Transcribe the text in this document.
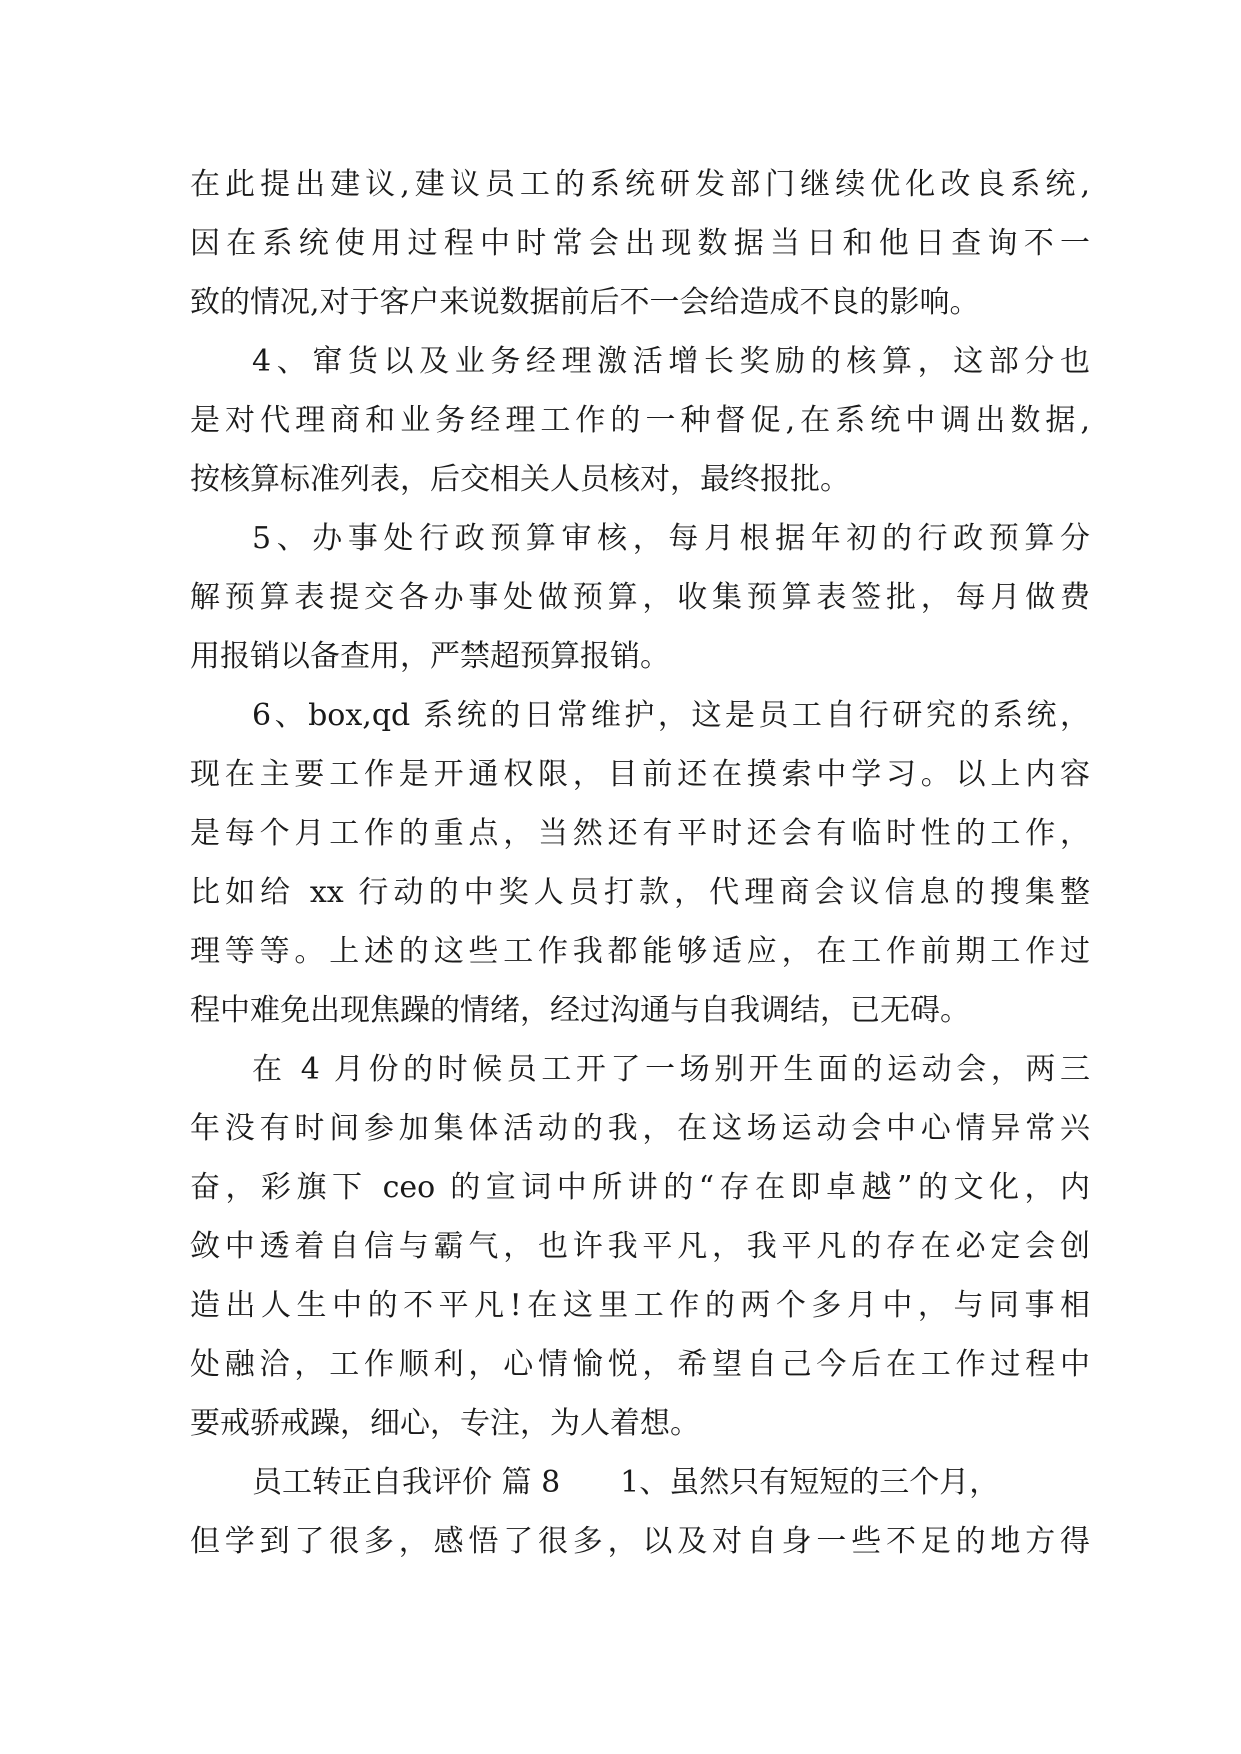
在此提出建议,建议员工的系统研发部门继续优化改良系统,
因在系统使用过程中时常会出现数据当日和他日查询不一
致的情况,对于客户来说数据前后不一会给造成不良的影响。
4、窜货以及业务经理激活增长奖励的核算，这部分也
是对代理商和业务经理工作的一种督促,在系统中调出数据,
按核算标准列表，后交相关人员核对，最终报批。
5、办事处行政预算审核，每月根据年初的行政预算分
解预算表提交各办事处做预算，收集预算表签批，每月做费
用报销以备查用，严禁超预算报销。
6、box,qd 系统的日常维护，这是员工自行研究的系统，
现在主要工作是开通权限，目前还在摸索中学习。以上内容
是每个月工作的重点，当然还有平时还会有临时性的工作，
比如给 xx 行动的中奖人员打款，代理商会议信息的搜集整
理等等。上述的这些工作我都能够适应，在工作前期工作过
程中难免出现焦躁的情绪，经过沟通与自我调结，已无碍。
在 4 月份的时候员工开了一场别开生面的运动会，两三
年没有时间参加集体活动的我，在这场运动会中心情异常兴
奋，彩旗下 ceo 的宣词中所讲的“存在即卓越”的文化，内
敛中透着自信与霸气，也许我平凡，我平凡的存在必定会创
造出人生中的不平凡!在这里工作的两个多月中，与同事相
处融洽，工作顺利，心情愉悦，希望自己今后在工作过程中
要戒骄戒躁，细心，专注，为人着想。
员工转正自我评价 篇 8 1、虽然只有短短的三个月，
但学到了很多，感悟了很多，以及对自身一些不足的地方得
